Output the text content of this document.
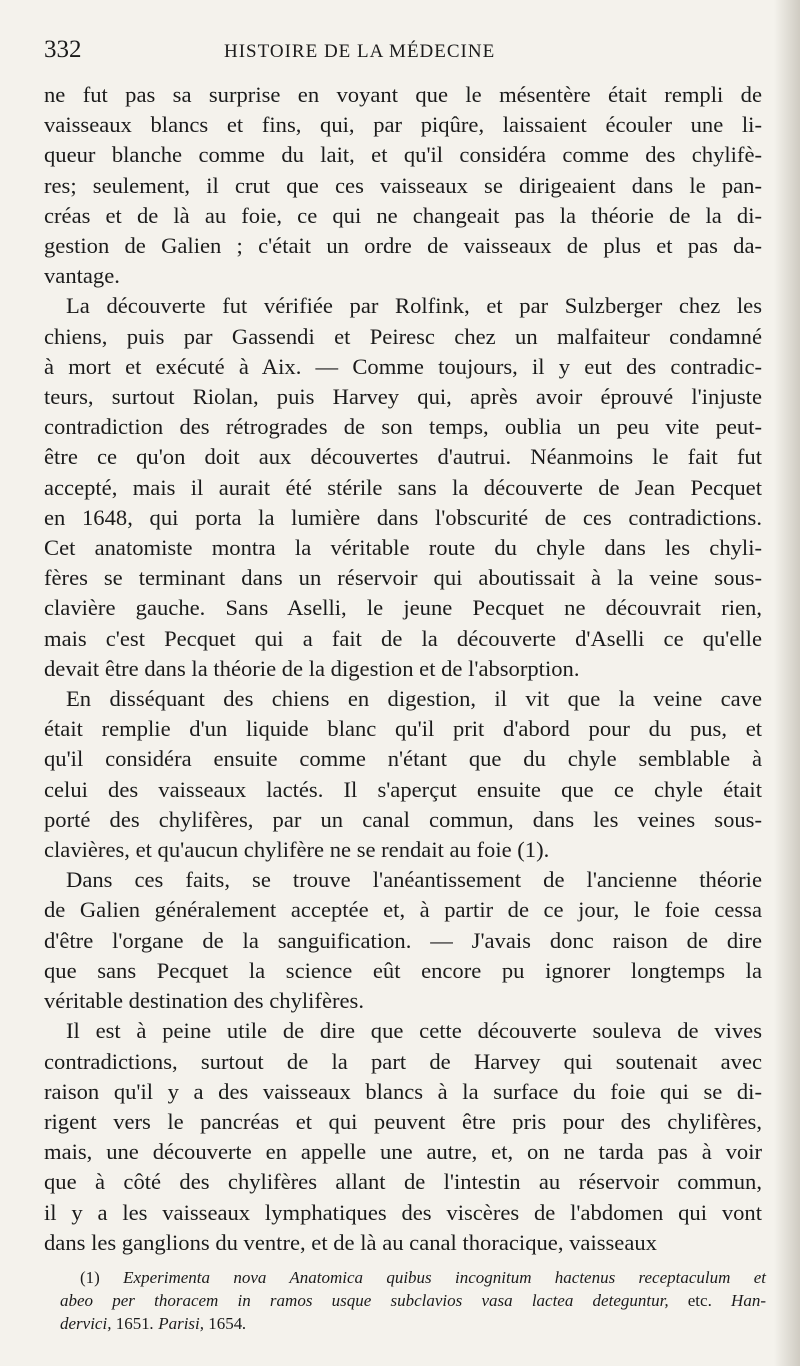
332	HISTOIRE DE LA MÉDECINE

ne fut pas sa surprise en voyant que le mésentère était rempli de
vaisseaux blancs et fins, qui, par piqûre, laissaient écouler une li-
queur blanche comme du lait, et qu'il considéra comme des chylifè-
res; seulement, il crut que ces vaisseaux se dirigeaient dans le pan-
créas et de là au foie, ce qui ne changeait pas la théorie de la di-
gestion de Galien ; c'était un ordre de vaisseaux de plus et pas da-
vantage.

La découverte fut vérifiée par Rolfink, et par Sulzberger chez les
chiens, puis par Gassendi et Peiresc chez un malfaiteur condamné
à mort et exécuté à Aix. — Comme toujours, il y eut des contradic-
teurs, surtout Riolan, puis Harvey qui, après avoir éprouvé l'injuste
contradiction des rétrogrades de son temps, oublia un peu vite peut-
être ce qu'on doit aux découvertes d'autrui. Néanmoins le fait fut
accepté, mais il aurait été stérile sans la découverte de Jean Pecquet
en 1648, qui porta la lumière dans l'obscurité de ces contradictions.
Cet anatomiste montra la véritable route du chyle dans les chyli-
fères se terminant dans un réservoir qui aboutissait à la veine sous-
clavière gauche. Sans Aselli, le jeune Pecquet ne découvrait rien,
mais c'est Pecquet qui a fait de la découverte d'Aselli ce qu'elle
devait être dans la théorie de la digestion et de l'absorption.

En disséquant des chiens en digestion, il vit que la veine cave
était remplie d'un liquide blanc qu'il prit d'abord pour du pus, et
qu'il considéra ensuite comme n'étant que du chyle semblable à
celui des vaisseaux lactés. Il s'aperçut ensuite que ce chyle était
porté des chylifères, par un canal commun, dans les veines sous-
clavières, et qu'aucun chylifère ne se rendait au foie (1).

Dans ces faits, se trouve l'anéantissement de l'ancienne théorie
de Galien généralement acceptée et, à partir de ce jour, le foie cessa
d'être l'organe de la sanguification. — J'avais donc raison de dire
que sans Pecquet la science eût encore pu ignorer longtemps la
véritable destination des chylifères.

Il est à peine utile de dire que cette découverte souleva de vives
contradictions, surtout de la part de Harvey qui soutenait avec
raison qu'il y a des vaisseaux blancs à la surface du foie qui se di-
rigent vers le pancréas et qui peuvent être pris pour des chylifères,
mais, une découverte en appelle une autre, et, on ne tarda pas à voir
que à côté des chylifères allant de l'intestin au réservoir commun,
il y a les vaisseaux lymphatiques des viscères de l'abdomen qui vont
dans les ganglions du ventre, et de là au canal thoracique, vaisseaux

(1) Experimenta nova Anatomica quibus incognitum hactenus receptaculum et
abeo per thoracem in ramos usque subclavios vasa lactea deteguntur, etc. Han-
dervici, 1651. Parisi, 1654.
